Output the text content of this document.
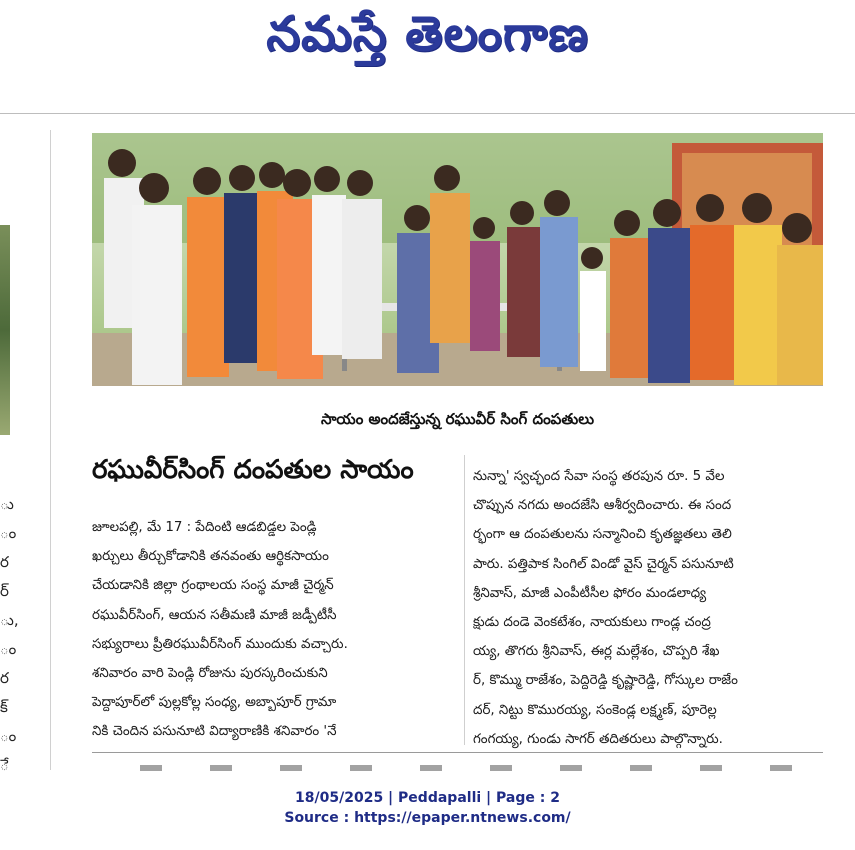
నమస్తే తెలంగాణ
ు
ం
ర
ర్
ు,
ం
ర
క్
ం
ే
సాయం అందజేస్తున్న రఘువీర్ సింగ్ దంపతులు
రఘువీర్‌సింగ్ దంపతుల సాయం

జూలపల్లి, మే 17 : పేదింటి ఆడబిడ్డల పెండ్లి

ఖర్చులు తీర్చుకోడానికి తనవంతు ఆర్థికసాయం

చేయడానికి జిల్లా గ్రంథాలయ సంస్థ మాజీ చైర్మన్

రఘువీర్‌సింగ్, ఆయన సతీమణి మాజీ జడ్పీటీసీ

సభ్యురాలు ప్రీతిరఘువీర్‌సింగ్ ముందుకు వచ్చారు.

శనివారం వారి పెండ్లి రోజును పురస్కరించుకుని

పెద్దాపూర్‌లో పుల్లకోల్ల సంధ్య, అబ్బాపూర్ గ్రామా

నికి చెందిన పసునూటి విద్యారాణికి శనివారం 'నే

నున్నా' స్వచ్ఛంద సేవా సంస్థ తరపున రూ. 5 వేల

చొప్పున నగదు అందజేసి ఆశీర్వదించారు. ఈ సంద

ర్భంగా ఆ దంపతులను సన్మానించి కృతజ్ఞతలు తెలి

పారు. పత్తిపాక సింగిల్ విండో వైస్ చైర్మన్ పసునూటి

శ్రీనివాస్, మాజీ ఎంపీటీసీల ఫోరం మండలాధ్య

క్షుడు దండె వెంకటేశం, నాయకులు గాండ్ల చంద్ర

య్య, తొగరు శ్రీనివాస్, ఈర్ల మల్లేశం, చొప్పరి శేఖ

ర్, కొమ్ము రాజేశం, పెద్దిరెడ్డి కృష్ణారెడ్డి, గోస్కుల రాజేం

దర్, నిట్టు కొమురయ్య, సంకెండ్ల లక్ష్మణ్, పూరెల్ల

గంగయ్య, గుండు సాగర్ తదితరులు పాల్గొన్నారు.

18/05/2025 | Peddapalli | Page : 2
Source : https://epaper.ntnews.com/
